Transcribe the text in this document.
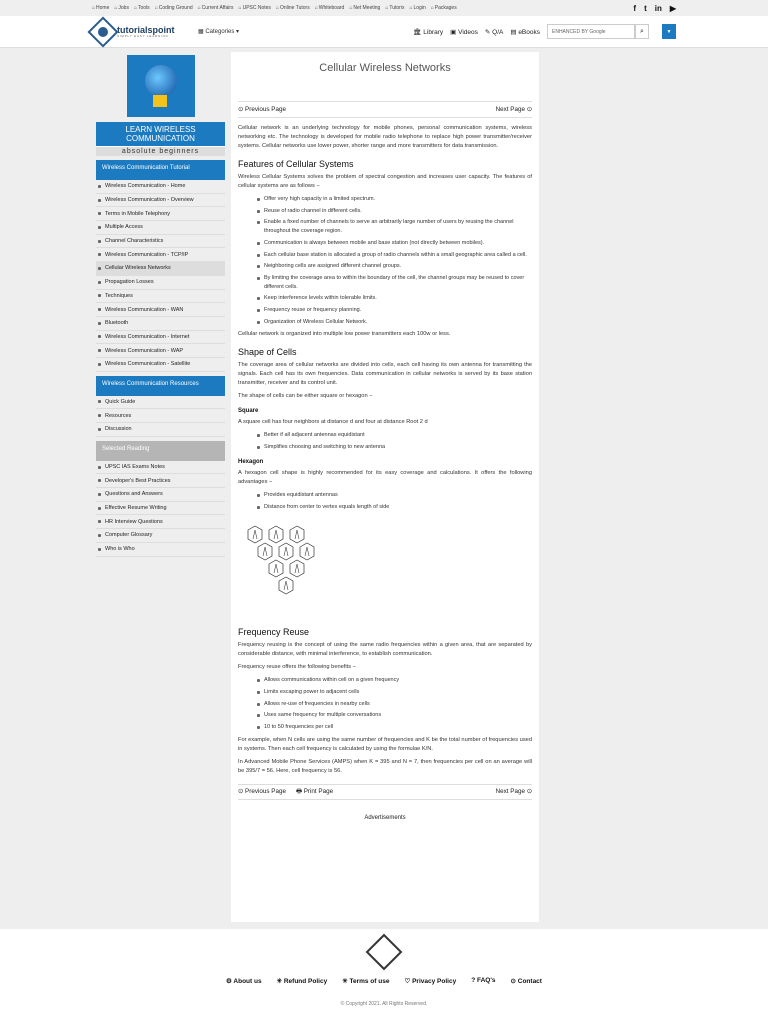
⌂ Home	⌂ Jobs	⌂ Tools	⌂ Coding Ground	⌂ Current Affairs	⌂ UPSC Notes	⌂ Online Tutors	⌂ Whiteboard	⌂ Net Meeting	⌂ Tutorix	⌂ Login	⌂ Packages	f t in ▶
tutorialspoint
SIMPLY EASY LEARNING
▦ Categories ▾	🏛 Library ▣ Videos ✎ Q/A ▤ eBooks	ENHANCED BY Google	⌕	▼
LEARN WIRELESS COMMUNICATION
absolute beginners
Wireless Communication Tutorial
Wireless Communication - Home
Wireless Communication - Overview
Terms in Mobile Telephony
Multiple Access
Channel Characteristics
Wireless Communication - TCP/IP
Cellular Wireless Networks
Propagation Losses
Techniques
Wireless Communication - WAN
Bluetooth
Wireless Communication - Internet
Wireless Communication - WAP
Wireless Communication - Satellite
Wireless Communication Resources
Quick Guide
Resources
Discussion
Selected Reading
UPSC IAS Exams Notes
Developer's Best Practices
Questions and Answers
Effective Resume Writing
HR Interview Questions
Computer Glossary
Who is Who
Cellular Wireless Networks
⊙ Previous Page	Next Page ⊙

Cellular network is an underlying technology for mobile phones, personal communication systems, wireless networking etc. The technology is developed for mobile radio telephone to replace high power transmitter/receiver systems. Cellular networks use lower power, shorter range and more transmitters for data transmission.

Features of Cellular Systems

Wireless Cellular Systems solves the problem of spectral congestion and increases user capacity. The features of cellular systems are as follows −

Offer very high capacity in a limited spectrum.
Reuse of radio channel in different cells.
Enable a fixed number of channels to serve an arbitrarily large number of users by reusing the channel throughout the coverage region.
Communication is always between mobile and base station (not directly between mobiles).
Each cellular base station is allocated a group of radio channels within a small geographic area called a cell.
Neighboring cells are assigned different channel groups.
By limiting the coverage area to within the boundary of the cell, the channel groups may be reused to cover different cells.
Keep interference levels within tolerable limits.
Frequency reuse or frequency planning.
Organization of Wireless Cellular Network.

Cellular network is organized into multiple low power transmitters each 100w or less.

Shape of Cells

The coverage area of cellular networks are divided into cells, each cell having its own antenna for transmitting the signals. Each cell has its own frequencies. Data communication in cellular networks is served by its base station transmitter, receiver and its control unit.

The shape of cells can be either square or hexagon −

Square

A square cell has four neighbors at distance d and four at distance Root 2 d

Better if all adjacent antennas equidistant
Simplifies choosing and switching to new antenna
Hexagon

A hexagon cell shape is highly recommended for its easy coverage and calculations. It offers the following advantages −

Provides equidistant antennas
Distance from center to vertex equals length of side
Frequency Reuse

Frequency reusing is the concept of using the same radio frequencies within a given area, that are separated by considerable distance, with minimal interference, to establish communication.

Frequency reuse offers the following benefits −

Allows communications within cell on a given frequency
Limits escaping power to adjacent cells
Allows re-use of frequencies in nearby cells
Uses same frequency for multiple conversations
10 to 50 frequencies per cell

For example, when N cells are using the same number of frequencies and K be the total number of frequencies used in systems. Then each cell frequency is calculated by using the formulae K/N.

In Advanced Mobile Phone Services (AMPS) when K = 395 and N = 7, then frequencies per cell on an average will be 395/7 = 56. Here, cell frequency is 56.

⊙ Previous Page 🖶 Print Page	Next Page ⊙
Advertisements
⚙ About us ✳ Refund Policy ✳ Terms of use ♡ Privacy Policy ? FAQ's ⊙ Contact
© Copyright 2021. All Rights Reserved.
